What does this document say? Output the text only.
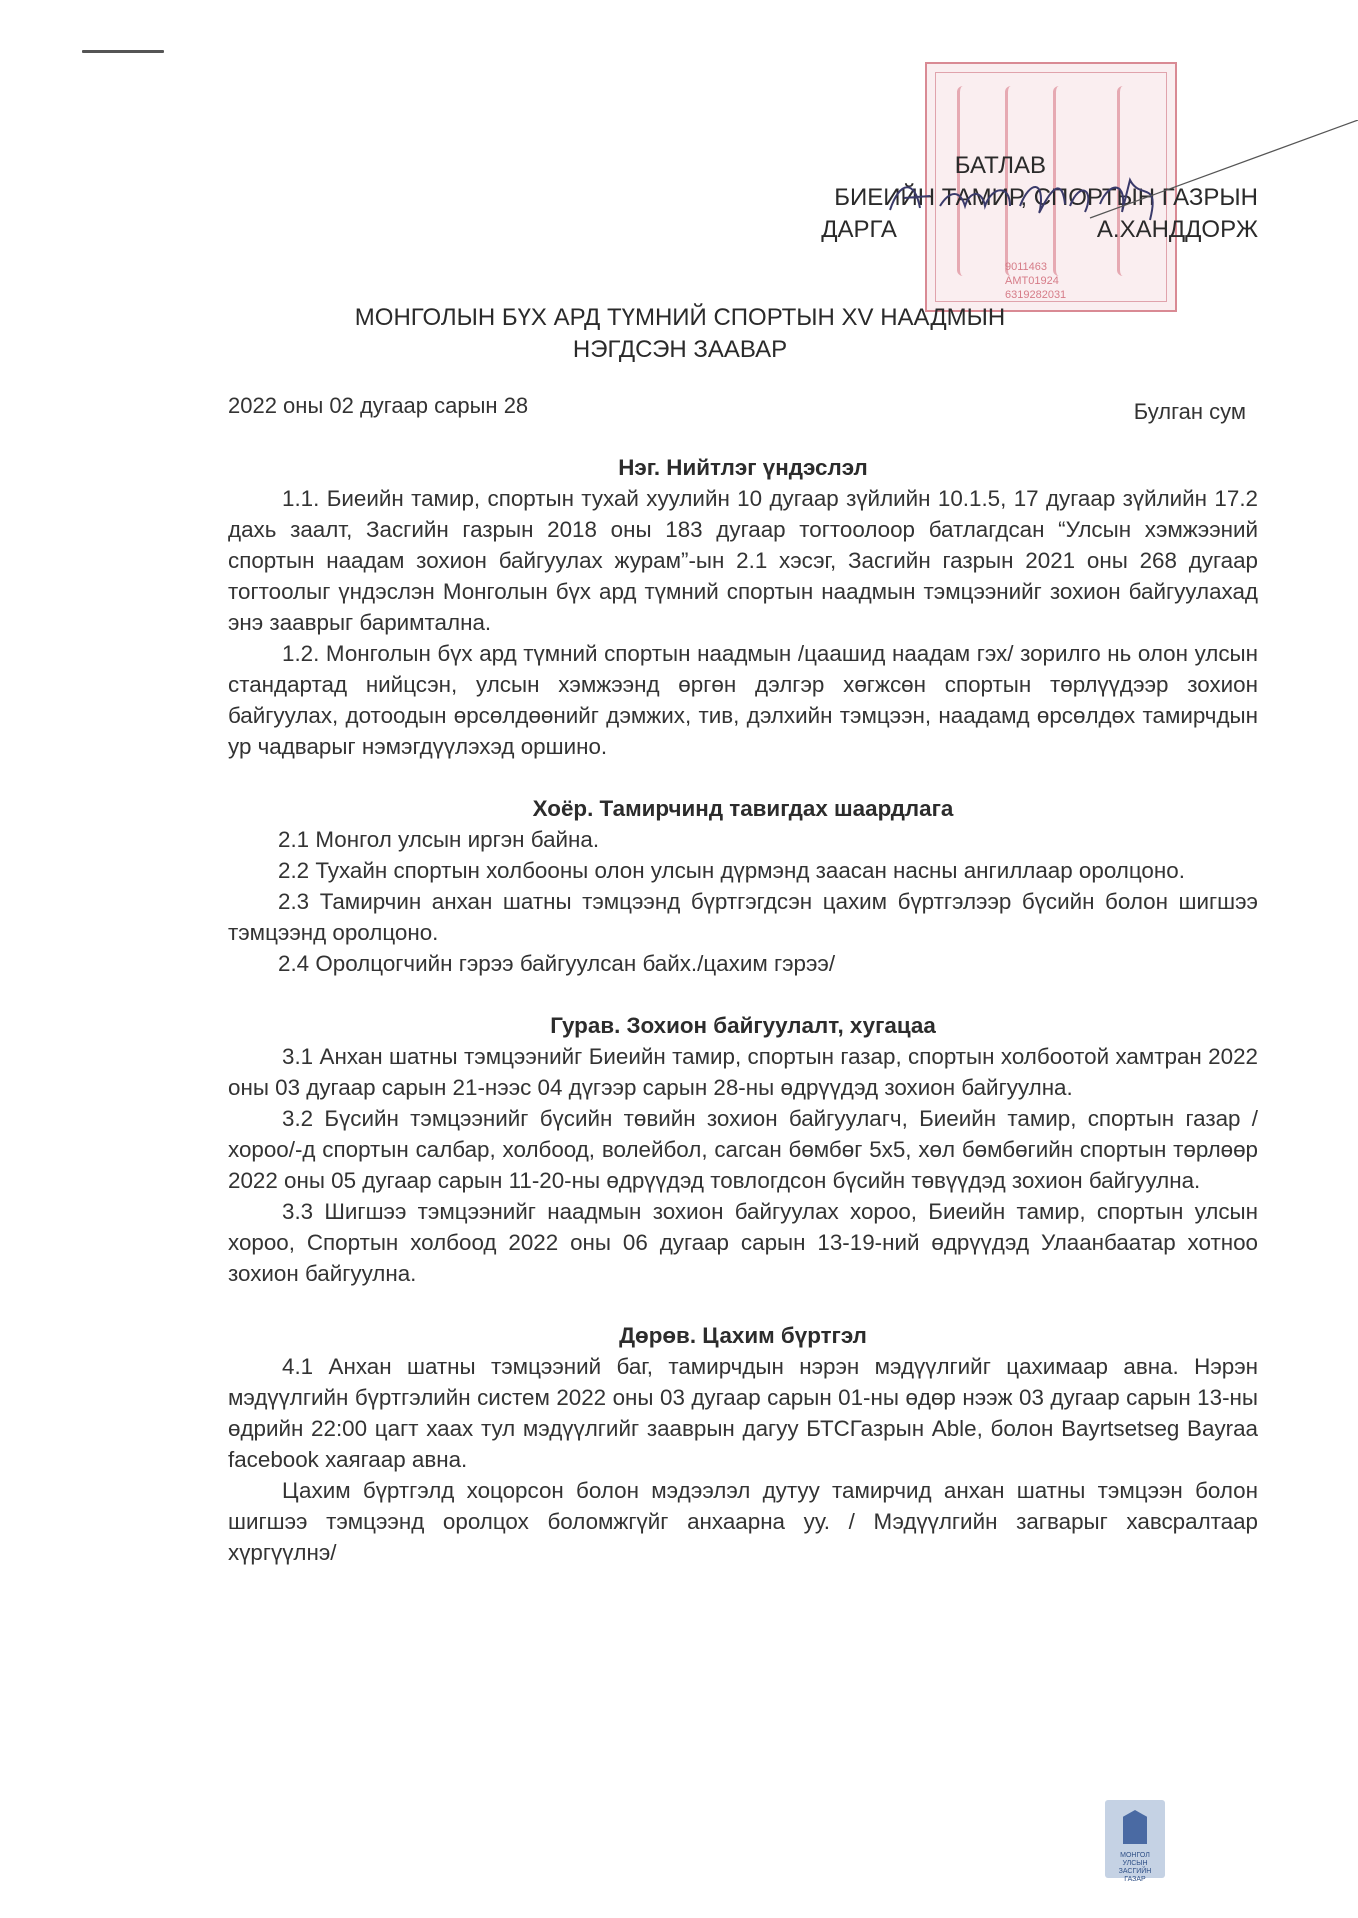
9011463
АМТ01924
6319282031
БАТЛАВ
БИЕИЙН ТАМИР, СПОРТЫН ГАЗРЫН
ДАРГА	А.ХАНДДОРЖ
МОНГОЛЫН БҮХ АРД ТҮМНИЙ СПОРТЫН XV НААДМЫН
НЭГДСЭН ЗААВАР
2022 оны 02 дугаар сарын 28	Булган сум
Нэг. Нийтлэг үндэслэл

1.1. Биеийн тамир, спортын тухай хуулийн 10 дугаар зүйлийн 10.1.5, 17 дугаар зүйлийн 17.2 дахь заалт, Засгийн газрын 2018 оны 183 дугаар тогтоолоор батлагдсан “Улсын хэмжээний спортын наадам зохион байгуулах журам”-ын 2.1 хэсэг, Засгийн газрын 2021 оны 268 дугаар тогтоолыг үндэслэн Монголын бүх ард түмний спортын наадмын тэмцээнийг зохион байгуулахад энэ зааврыг баримтална.

1.2. Монголын бүх ард түмний спортын наадмын /цаашид наадам гэх/ зорилго нь олон улсын стандартад нийцсэн, улсын хэмжээнд өргөн дэлгэр хөгжсөн спортын төрлүүдээр зохион байгуулах, дотоодын өрсөлдөөнийг дэмжих, тив, дэлхийн тэмцээн, наадамд өрсөлдөх тамирчдын ур чадварыг нэмэгдүүлэхэд оршино.

Хоёр. Тамирчинд тавигдах шаардлага

2.1 Монгол улсын иргэн байна.

2.2 Тухайн спортын холбооны олон улсын дүрмэнд заасан насны ангиллаар оролцоно.

2.3 Тамирчин анхан шатны тэмцээнд бүртгэгдсэн цахим бүртгэлээр бүсийн болон шигшээ тэмцээнд оролцоно.

2.4 Оролцогчийн гэрээ байгуулсан байх./цахим гэрээ/

Гурав. Зохион байгуулалт, хугацаа

3.1 Анхан шатны тэмцээнийг Биеийн тамир, спортын газар, спортын холбоотой хамтран 2022 оны 03 дугаар сарын 21-нээс 04 дүгээр сарын 28-ны өдрүүдэд зохион байгуулна.

3.2 Бүсийн тэмцээнийг бүсийн төвийн зохион байгуулагч, Биеийн тамир, спортын газар /хороо/-д спортын салбар, холбоод, волейбол, сагсан бөмбөг 5x5, хөл бөмбөгийн спортын төрлөөр 2022 оны 05 дугаар сарын 11-20-ны өдрүүдэд товлогдсон бүсийн төвүүдэд зохион байгуулна.

3.3 Шигшээ тэмцээнийг наадмын зохион байгуулах хороо, Биеийн тамир, спортын улсын хороо, Спортын холбоод 2022 оны 06 дугаар сарын 13-19-ний өдрүүдэд Улаанбаатар хотноо зохион байгуулна.

Дөрөв. Цахим бүртгэл

4.1 Анхан шатны тэмцээний баг, тамирчдын нэрэн мэдүүлгийг цахимаар авна. Нэрэн мэдүүлгийн бүртгэлийн систем 2022 оны 03 дугаар сарын 01-ны өдөр нээж 03 дугаар сарын 13-ны өдрийн 22:00 цагт хаах тул мэдүүлгийг зааврын дагуу БТСГазрын Able, болон Bayrtsetseg Bayraa facebook хаягаар авна.

Цахим бүртгэлд хоцорсон болон мэдээлэл дутуу тамирчид анхан шатны тэмцээн болон шигшээ тэмцээнд оролцох боломжгүйг анхаарна уу. / Мэдүүлгийн загварыг хавсралтаар хүргүүлнэ/

МОНГОЛ УЛСЫН ЗАСГИЙН ГАЗАР
